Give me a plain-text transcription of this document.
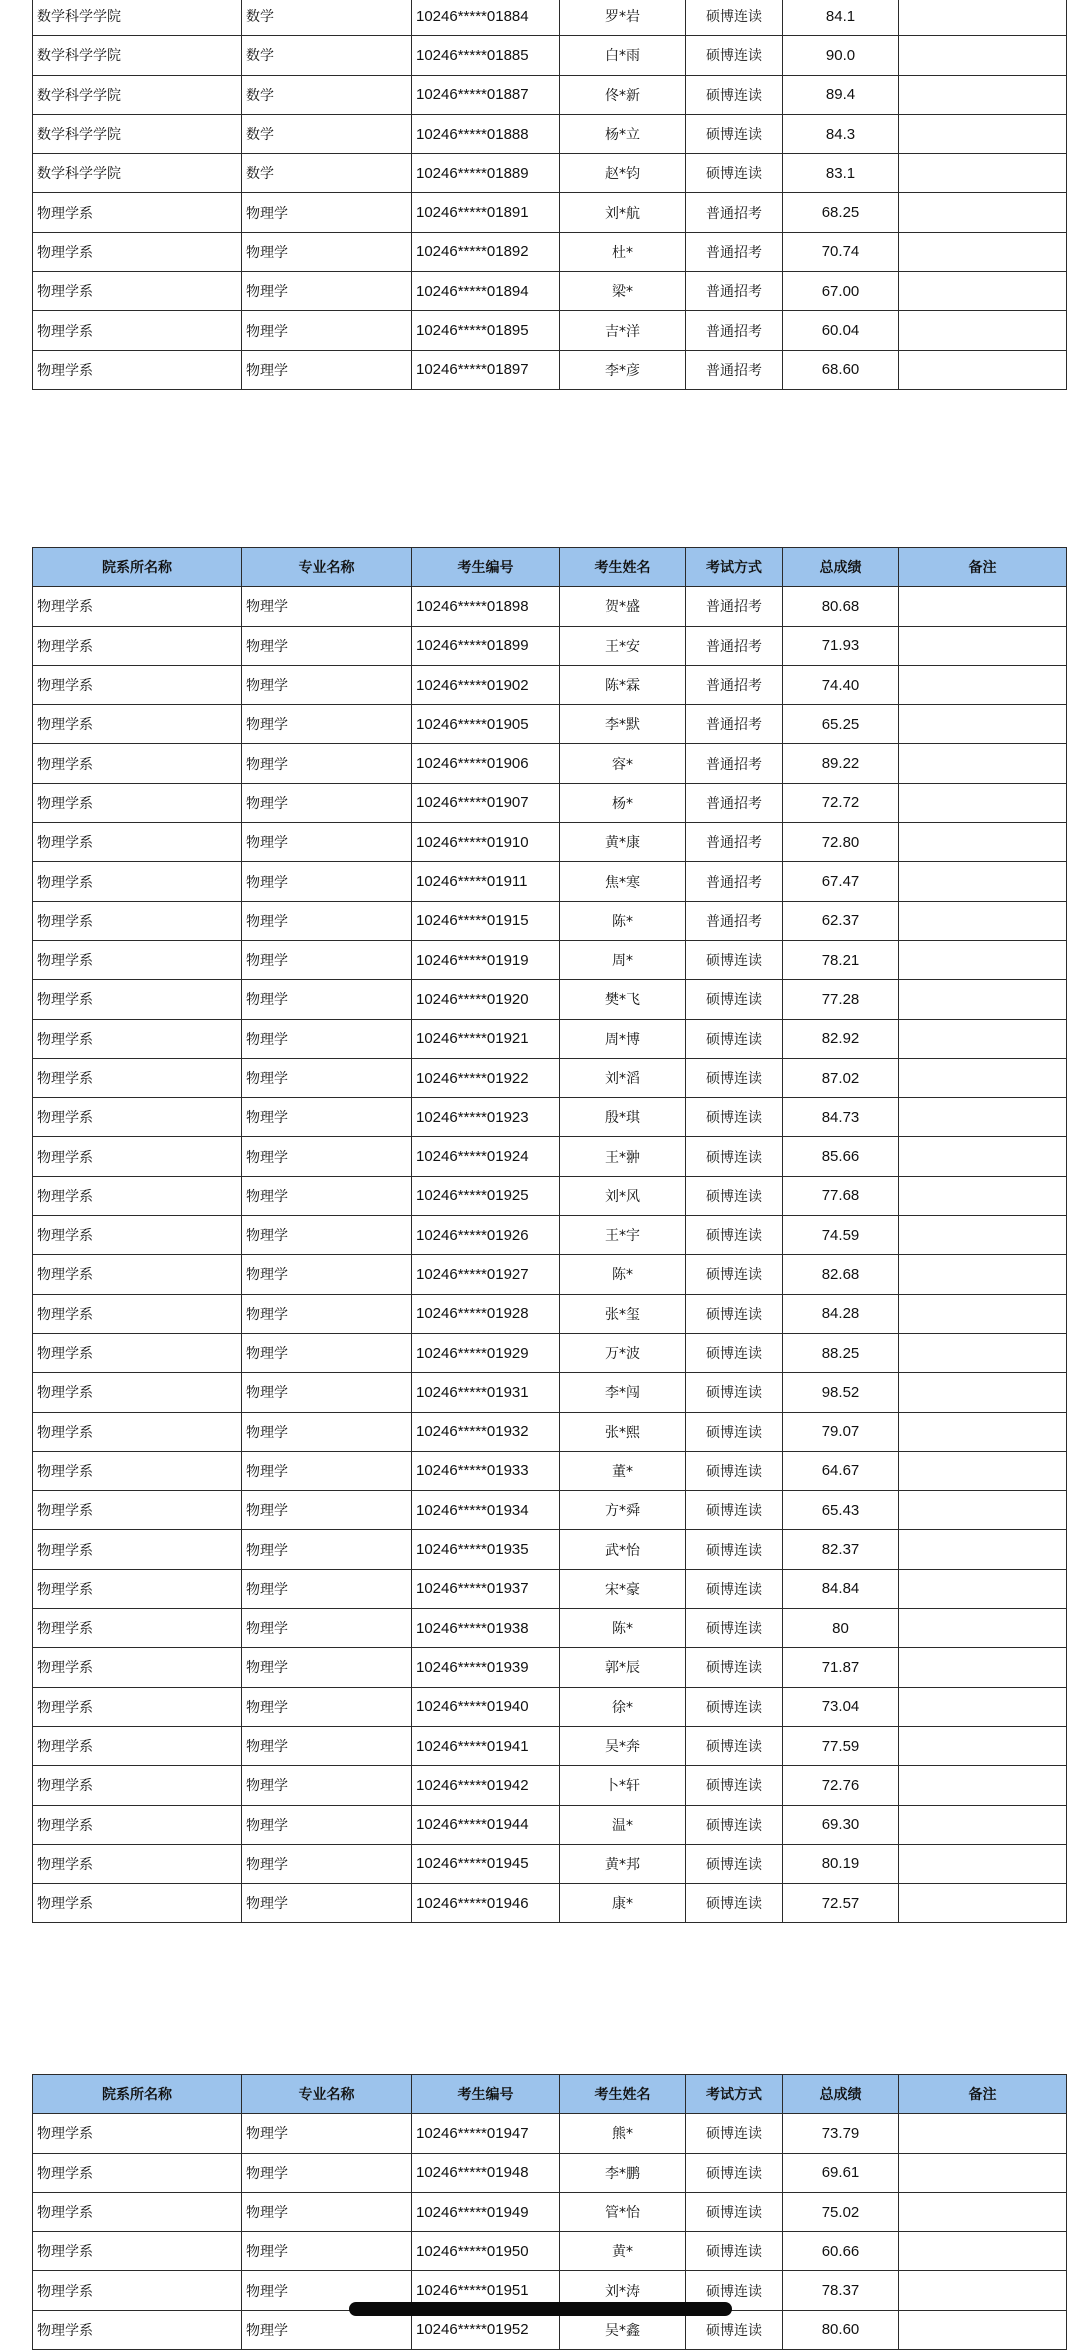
数学科学学院	数学	10246*****01884	罗*岩	硕博连读	84.1	
数学科学学院	数学	10246*****01885	白*雨	硕博连读	90.0	
数学科学学院	数学	10246*****01887	佟*新	硕博连读	89.4	
数学科学学院	数学	10246*****01888	杨*立	硕博连读	84.3	
数学科学学院	数学	10246*****01889	赵*钧	硕博连读	83.1	
物理学系	物理学	10246*****01891	刘*航	普通招考	68.25	
物理学系	物理学	10246*****01892	杜*	普通招考	70.74	
物理学系	物理学	10246*****01894	梁*	普通招考	67.00	
物理学系	物理学	10246*****01895	吉*洋	普通招考	60.04	
物理学系	物理学	10246*****01897	李*彦	普通招考	68.60	
院系所名称	专业名称	考生编号	考生姓名	考试方式	总成绩	备注
物理学系	物理学	10246*****01898	贺*盛	普通招考	80.68	
物理学系	物理学	10246*****01899	王*安	普通招考	71.93	
物理学系	物理学	10246*****01902	陈*霖	普通招考	74.40	
物理学系	物理学	10246*****01905	李*默	普通招考	65.25	
物理学系	物理学	10246*****01906	容*	普通招考	89.22	
物理学系	物理学	10246*****01907	杨*	普通招考	72.72	
物理学系	物理学	10246*****01910	黄*康	普通招考	72.80	
物理学系	物理学	10246*****01911	焦*寒	普通招考	67.47	
物理学系	物理学	10246*****01915	陈*	普通招考	62.37	
物理学系	物理学	10246*****01919	周*	硕博连读	78.21	
物理学系	物理学	10246*****01920	樊*飞	硕博连读	77.28	
物理学系	物理学	10246*****01921	周*博	硕博连读	82.92	
物理学系	物理学	10246*****01922	刘*滔	硕博连读	87.02	
物理学系	物理学	10246*****01923	殷*琪	硕博连读	84.73	
物理学系	物理学	10246*****01924	王*翀	硕博连读	85.66	
物理学系	物理学	10246*****01925	刘*风	硕博连读	77.68	
物理学系	物理学	10246*****01926	王*宇	硕博连读	74.59	
物理学系	物理学	10246*****01927	陈*	硕博连读	82.68	
物理学系	物理学	10246*****01928	张*玺	硕博连读	84.28	
物理学系	物理学	10246*****01929	万*波	硕博连读	88.25	
物理学系	物理学	10246*****01931	李*闯	硕博连读	98.52	
物理学系	物理学	10246*****01932	张*熙	硕博连读	79.07	
物理学系	物理学	10246*****01933	董*	硕博连读	64.67	
物理学系	物理学	10246*****01934	方*舜	硕博连读	65.43	
物理学系	物理学	10246*****01935	武*怡	硕博连读	82.37	
物理学系	物理学	10246*****01937	宋*豪	硕博连读	84.84	
物理学系	物理学	10246*****01938	陈*	硕博连读	80	
物理学系	物理学	10246*****01939	郭*辰	硕博连读	71.87	
物理学系	物理学	10246*****01940	徐*	硕博连读	73.04	
物理学系	物理学	10246*****01941	吴*奔	硕博连读	77.59	
物理学系	物理学	10246*****01942	卜*轩	硕博连读	72.76	
物理学系	物理学	10246*****01944	温*	硕博连读	69.30	
物理学系	物理学	10246*****01945	黄*邦	硕博连读	80.19	
物理学系	物理学	10246*****01946	康*	硕博连读	72.57	
院系所名称	专业名称	考生编号	考生姓名	考试方式	总成绩	备注
物理学系	物理学	10246*****01947	熊*	硕博连读	73.79	
物理学系	物理学	10246*****01948	李*鹏	硕博连读	69.61	
物理学系	物理学	10246*****01949	管*怡	硕博连读	75.02	
物理学系	物理学	10246*****01950	黄*	硕博连读	60.66	
物理学系	物理学	10246*****01951	刘*涛	硕博连读	78.37	
物理学系	物理学	10246*****01952	吴*鑫	硕博连读	80.60	
